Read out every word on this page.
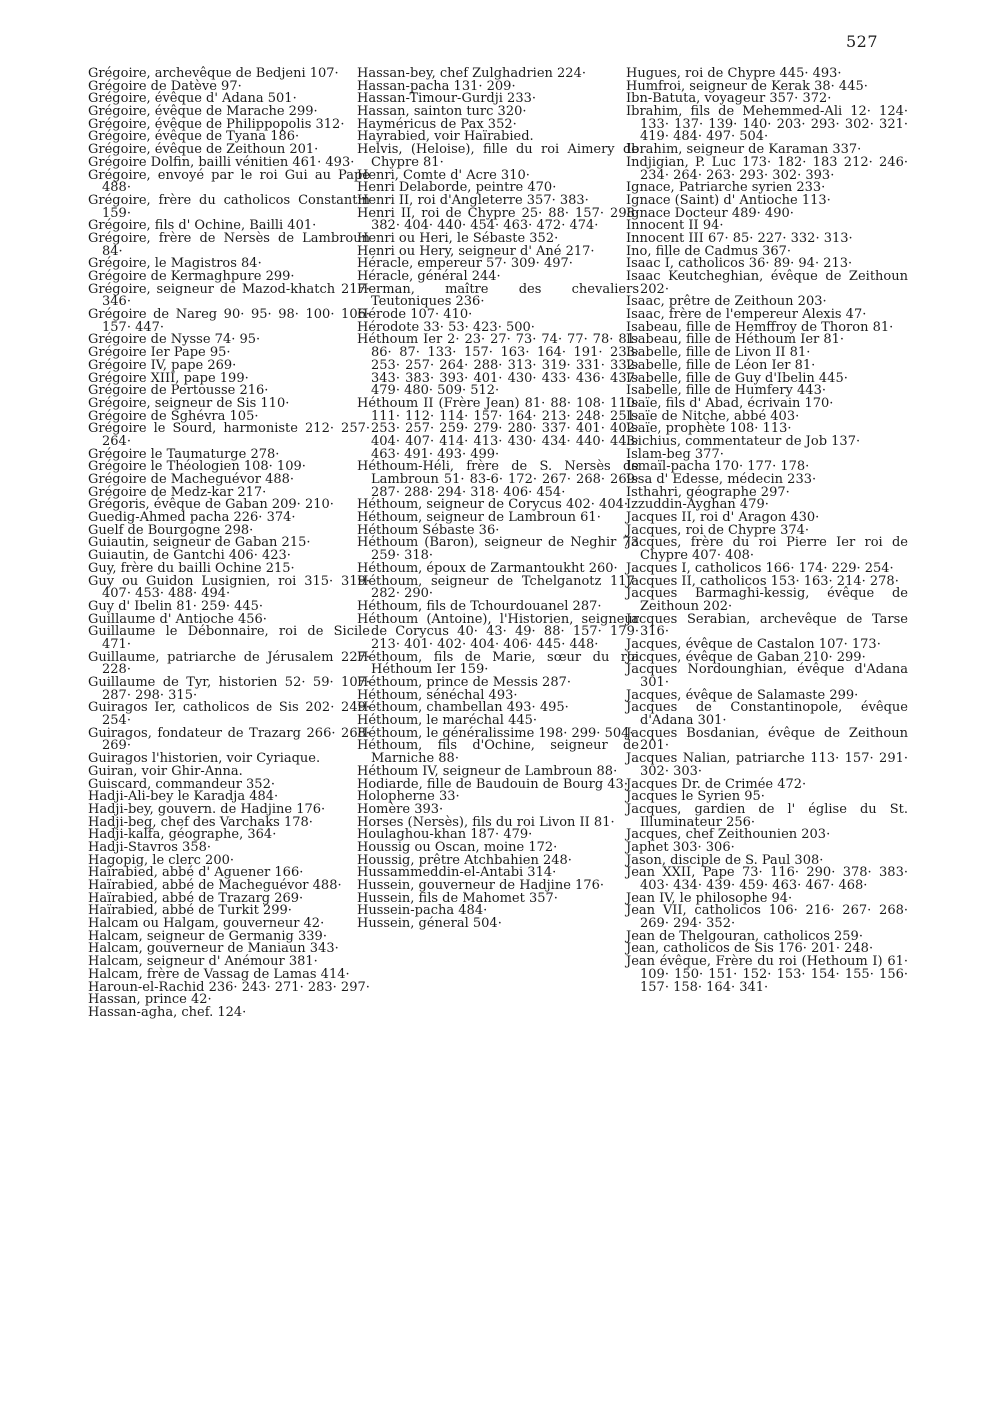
527

Grégoire, archevêque de Bedjeni 107·

Grégoire de Datève 97·

Grégoire, évêque d' Adana 501·

Grégoire, évêque de Marache 299·

Grégoire, évêque de Philippopolis 312·

Grégoire, évêque de Tyana 186·

Grégoire, évêque de Zeithoun 201·

Grégoire Dolfin, bailli vénitien 461· 493·

Grégoire, envoyé par le roi Gui au Pape 488·

Grégoire, frère du catholicos Constantin 159·

Grégoire, fils d' Ochine, Bailli 401·

Grégoire, frère de Nersès de Lambroun 84·

Grégoire, le Magistros 84·

Grégoire de Kermaghpure 299·

Grégoire, seigneur de Mazod-khatch 217· 346·

Grégoire de Nareg 90· 95· 98· 100· 106· 157· 447·

Grégoire de Nysse 74· 95·

Grégoire Ier Pape 95·

Grégoire IV, pape 269·

Grégoire XIII, pape 199·

Grégoire de Pertousse 216·

Grégoire, seigneur de Sis 110·

Grégoire de Sghévra 105·

Grégoire le Sourd, harmoniste 212· 257· 264·

Grégoire le Taumaturge 278·

Grégoire le Théologien 108· 109·

Grégoire de Macheguévor 488·

Grégoire de Medz-kar 217·

Grégoris, évêque de Gaban 209· 210·

Guedig-Ahmed pacha 226· 374·

Guelf de Bourgogne 298·

Guiautin, seigneur de Gaban 215·

Guiautin, de Gantchi 406· 423·

Guy, frère du bailli Ochine 215·

Guy ou Guidon Lusignien, roi 315· 319· 407· 453· 488· 494·

Guy d' Ibelin 81· 259· 445·

Guillaume d' Antioche 456·

Guillaume le Débonnaire, roi de Sicile 471·

Guillaume, patriarche de Jérusalem 227· 228·

Guillaume de Tyr, historien 52· 59· 107· 287· 298· 315·

Guiragos Ier, catholicos de Sis 202· 249· 254·

Guiragos, fondateur de Trazarg 266· 268· 269·

Guiragos l'historien, voir Cyriaque.

Guiran, voir Ghir-Anna.

Guiscard, commandeur 352·

Hadji-Ali-bey le Karadja 484·

Hadji-bey, gouvern. de Hadjine 176·

Hadji-beg, chef des Varchaks 178·

Hadji-kalfa, géographe, 364·

Hadji-Stavros 358·

Hagopig, le clerc 200·

Haïrabied, abbé d' Aguener 166·

Haïrabied, abbé de Macheguévor 488·

Haïrabied, abbé de Trazarg 269·

Haïrabied, abbé de Turkit 299·

Halcam ou Halgam, gouverneur 42·

Halcam, seigneur de Germanig 339·

Halcam, gouverneur de Maniaun 343·

Halcam, seigneur d' Anémour 381·

Halcam, frère de Vassag de Lamas 414·

Haroun-el-Rachid 236· 243· 271· 283· 297·

Hassan, prince 42·

Hassan-agha, chef. 124·

Hassan-bey, chef Zulghadrien 224·

Hassan-pacha 131· 209·

Hassan-Timour-Gurdji 233·

Hassan, sainton turc 320·

Hayméricus de Pax 352·

Hayrabied, voir Haïrabied.

Helvis, (Heloise), fille du roi Aimery de Chypre 81·

Henri, Comte d' Acre 310·

Henri Delaborde, peintre 470·

Henri II, roi d'Angleterre 357· 383·

Henri II, roi de Chypre 25· 88· 157· 298· 382· 404· 440· 454· 463· 472· 474·

Henri ou Heri, le Sébaste 352·

Henri ou Hery, seigneur d' Ané 217·

Héracle, empereur 57· 309· 497·

Héracle, général 244·

Herman, maître des chevaliers Teutoniques 236·

Hérode 107· 410·

Hérodote 33· 53· 423· 500·

Héthoum Ier 2· 23· 27· 73· 74· 77· 78· 81· 86· 87· 133· 157· 163· 164· 191· 233· 253· 257· 264· 288· 313· 319· 331· 332· 343· 383· 393· 401· 430· 433· 436· 437· 479· 480· 509· 512·

Héthoum II (Frère Jean) 81· 88· 108· 110· 111· 112· 114· 157· 164· 213· 248· 251· 253· 257· 259· 279· 280· 337· 401· 402· 404· 407· 414· 413· 430· 434· 440· 443· 463· 491· 493· 499·

Héthoum-Héli, frère de S. Nersès de Lambroun 51· 83-6· 172· 267· 268· 269· 287· 288· 294· 318· 406· 454·

Héthoum, seigneur de Corycus 402· 404·

Héthoum, seigneur de Lambroun 61·

Héthoum Sébaste 36·

Héthoum (Baron), seigneur de Neghir 73 259· 318·

Héthoum, époux de Zarmantoukht 260·

Héthoum, seigneur de Tchelganotz 117· 282· 290·

Héthoum, fils de Tchourdouanel 287·

Héthoum (Antoine), l'Historien, seigneur de Corycus 40· 43· 49· 88· 157· 179· 213· 401· 402· 404· 406· 445· 448·

Héthoum, fils de Marie, sœur du roi Héthoum Ier 159·

Héthoum, prince de Messis 287·

Héthoum, sénéchal 493·

Héthoum, chambellan 493· 495·

Héthoum, le maréchal 445·

Héthoum, le généralissime 198· 299· 504·

Héthoum, fils d'Ochine, seigneur de Marniche 88·

Héthoum IV, seigneur de Lambroun 88·

Hodiarde, fille de Baudouin de Bourg 43·

Holopherne 33·

Homère 393·

Horses (Nersès), fils du roi Livon II 81·

Houlaghou-khan 187· 479·

Houssig ou Oscan, moine 172·

Houssig, prêtre Atchbahien 248·

Hussammeddin-el-Antabi 314·

Hussein, gouverneur de Hadjine 176·

Hussein, fils de Mahomet 357·

Hussein-pacha 484·

Hussein, géneral 504·

Hugues, roi de Chypre 445· 493·

Humfroi, seigneur de Kerak 38· 445·

Ibn-Batuta, voyageur 357· 372·

Ibrahim, fils de Mehemmed-Ali 12· 124· 133· 137· 139· 140· 203· 293· 302· 321· 419· 484· 497· 504·

Ibrahim, seigneur de Karaman 337·

Indjigian, P. Luc 173· 182· 183 212· 246· 234· 264· 263· 293· 302· 393·

Ignace, Patriarche syrien 233·

Ignace (Saint) d' Antioche 113·

Ignace Docteur 489· 490·

Innocent II 94·

Innocent III 67· 85· 227· 332· 313·

Ino, fille de Cadmus 367·

Isaac I, catholicos 36· 89· 94· 213·

Isaac Keutcheghian, évêque de Zeithoun 202·

Isaac, prêtre de Zeithoun 203·

Isaac, frère de l'empereur Alexis 47·

Isabeau, fille de Hemffroy de Thoron 81·

Isabeau, fille de Héthoum Ier 81·

Isabelle, fille de Livon II 81·

Isabelle, fille de Léon Ier 81·

Isabelle, fille de Guy d'Ibelin 445·

Isabelle, fille de Humfery 443·

Isaïe, fils d' Abad, écrivain 170·

Isaïe de Nitche, abbé 403·

Isaïe, prophète 108· 113·

Isichius, commentateur de Job 137·

Islam-beg 377·

Ismaïl-pacha 170· 177· 178·

Issa d' Edesse, médecin 233·

Isthahri, géographe 297·

Izzuddin-Ayghan 479·

Jacques II, roi d' Aragon 430·

Jacques, roi de Chypre 374·

Jacques, frère du roi Pierre Ier roi de Chypre 407· 408·

Jacques I, catholicos 166· 174· 229· 254·

Jacques II, catholicos 153· 163· 214· 278·

Jacques Barmaghi-kessig, évêque de Zeithoun 202·

Jacques Serabian, archevêque de Tarse 316·

Jacques, évêque de Castalon 107· 173·

Jacques, évêque de Gaban 210· 299·

Jacques Nordounghian, évêque d'Adana 301·

Jacques, évêque de Salamaste 299·

Jacques de Constantinopole, évêque d'Adana 301·

Jacques Bosdanian, évêque de Zeithoun 201·

Jacques Nalian, patriarche 113· 157· 291· 302· 303·

Jacques Dr. de Crimée 472·

Jacques le Syrien 95·

Jacques, gardien de l' église du St. Illuminateur 256·

Jacques, chef Zeithounien 203·

Japhet 303· 306·

Jason, disciple de S. Paul 308·

Jean XXII, Pape 73· 116· 290· 378· 383· 403· 434· 439· 459· 463· 467· 468·

Jean IV, le philosophe 94·

Jean VII, catholicos 106· 216· 267· 268· 269· 294· 352·

Jean de Thelgouran, catholicos 259·

Jean, catholicos de Sis 176· 201· 248·

Jean évêque, Frère du roi (Hethoum I) 61· 109· 150· 151· 152· 153· 154· 155· 156· 157· 158· 164· 341·
